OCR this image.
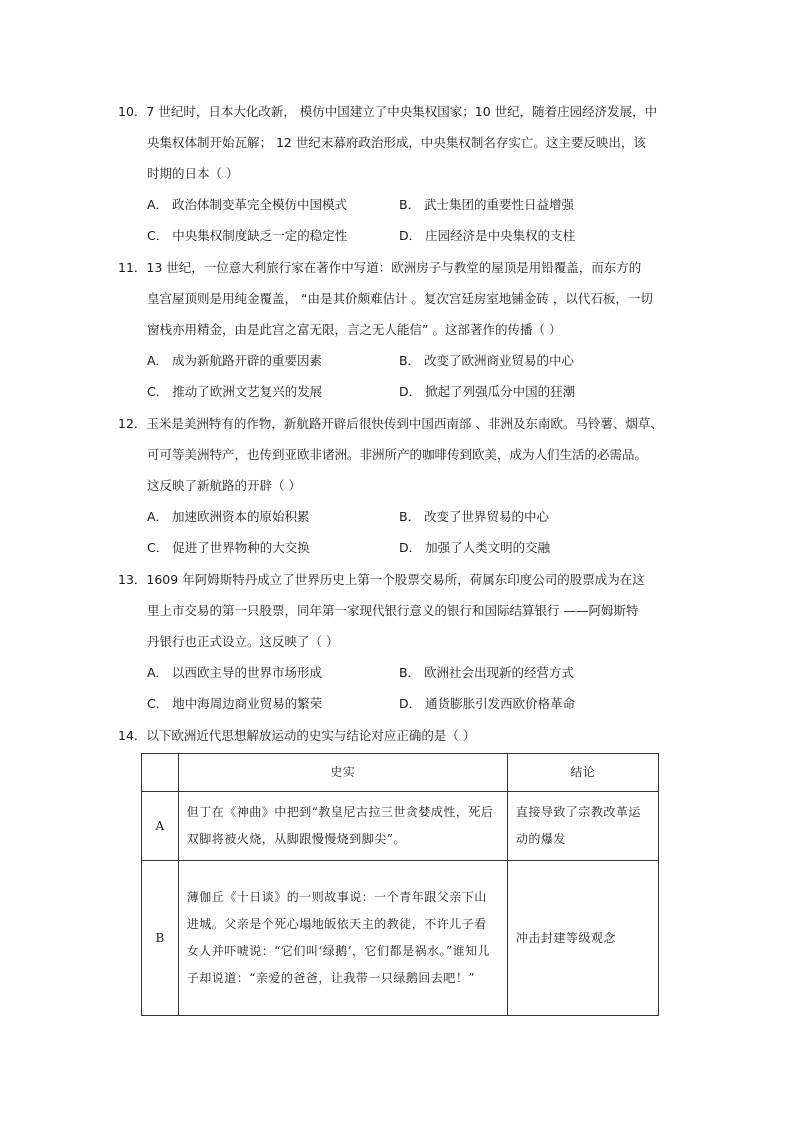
10．7 世纪时，日本大化改新， 模仿中国建立了中央集权国家；10 世纪，随着庄园经济发展，中
央集权体制开始瓦解； 12 世纪末幕府政治形成，中央集权制名存实亡。这主要反映出，该
时期的日本（ ）
A． 政治体制变革完全模仿中国模式	B． 武士集团的重要性日益增强
C． 中央集权制度缺乏一定的稳定性	D． 庄园经济是中央集权的支柱
11．13 世纪，一位意大利旅行家在著作中写道：欧洲房子与教堂的屋顶是用铅覆盖，而东方的
皇宫屋顶则是用纯金覆盖， “由是其价颇难估计 。复次宫廷房室地铺金砖 ，以代石板，一切
窗栈亦用精金，由是此宫之富无限，言之无人能信” 。这部著作的传播（ ）
A． 成为新航路开辟的重要因素	B． 改变了欧洲商业贸易的中心
C． 推动了欧洲文艺复兴的发展	D． 掀起了列强瓜分中国的狂潮
12．玉米是美洲特有的作物，新航路开辟后很快传到中国西南部 、非洲及东南欧。马铃薯、烟草、
可可等美洲特产，也传到亚欧非诸洲。非洲所产的咖啡传到欧美，成为人们生活的必需品。
这反映了新航路的开辟（ ）
A． 加速欧洲资本的原始积累	B． 改变了世界贸易的中心
C． 促进了世界物种的大交换	D． 加强了人类文明的交融
13．1609 年阿姆斯特丹成立了世界历史上第一个股票交易所，荷属东印度公司的股票成为在这
里上市交易的第一只股票，同年第一家现代银行意义的银行和国际结算银行 ——阿姆斯特
丹银行也正式设立。这反映了（ ）
A． 以西欧主导的世界市场形成	B． 欧洲社会出现新的经营方式
C． 地中海周边商业贸易的繁荣	D． 通货膨胀引发西欧价格革命
14．以下欧洲近代思想解放运动的史实与结论对应正确的是（ ）
	史实	结论
A	但丁在《神曲》中把到“教皇尼古拉三世贪婪成性，死后双脚将被火烧，从脚跟慢慢烧到脚尖”。	直接导致了宗教改革运动的爆发
B	薄伽丘《十日谈》的一则故事说：一个青年跟父亲下山进城。父亲是个死心塌地皈依天主的教徒，不许儿子看女人并吓唬说：“它们叫‘绿鹅’，它们都是祸水。”谁知儿子却说道：“亲爱的爸爸，让我带一只绿鹅回去吧！”	冲击封建等级观念
